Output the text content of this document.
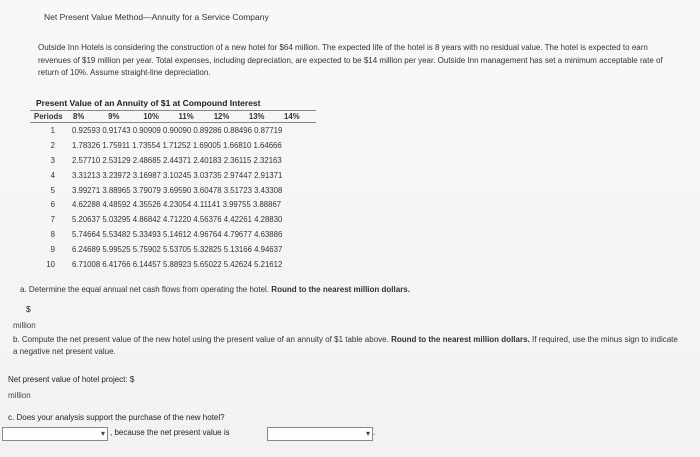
Net Present Value Method—Annuity for a Service Company
Outside Inn Hotels is considering the construction of a new hotel for $64 million. The expected life of the hotel is 8 years with no residual value. The hotel is expected to earn revenues of $19 million per year. Total expenses, including depreciation, are expected to be $14 million per year. Outside Inn management has set a minimum acceptable rate of return of 10%. Assume straight-line depreciation.
Present Value of an Annuity of $1 at Compound Interest
Periods	8% 9% 10% 11% 12% 13% 14%
1	0.92593 0.91743 0.90909 0.90090 0.89286 0.88496 0.87719
2	1.78326 1.75911 1.73554 1.71252 1.69005 1.66810 1.64666
3	2.57710 2.53129 2.48685 2.44371 2.40183 2.36115 2.32163
4	3.31213 3.23972 3.16987 3.10245 3.03735 2.97447 2.91371
5	3.99271 3.88965 3.79079 3.69590 3.60478 3.51723 3.43308
6	4.62288 4.48592 4.35526 4.23054 4.11141 3.99755 3.88867
7	5.20637 5.03295 4.86842 4.71220 4.56376 4.42261 4.28830
8	5.74664 5.53482 5.33493 5.14612 4.96764 4.79677 4.63886
9	6.24689 5.99525 5.75902 5.53705 5.32825 5.13166 4.94637
10	6.71008 6.41766 6.14457 5.88923 5.65022 5.42624 5.21612
a. Determine the equal annual net cash flows from operating the hotel. Round to the nearest million dollars.
$
million
b. Compute the net present value of the new hotel using the present value of an annuity of $1 table above. Round to the nearest million dollars. If required, use the minus sign to indicate a negative net present value.
Net present value of hotel project: $
million
c. Does your analysis support the purchase of the new hotel?
▾ , because the net present value is	▾ .
